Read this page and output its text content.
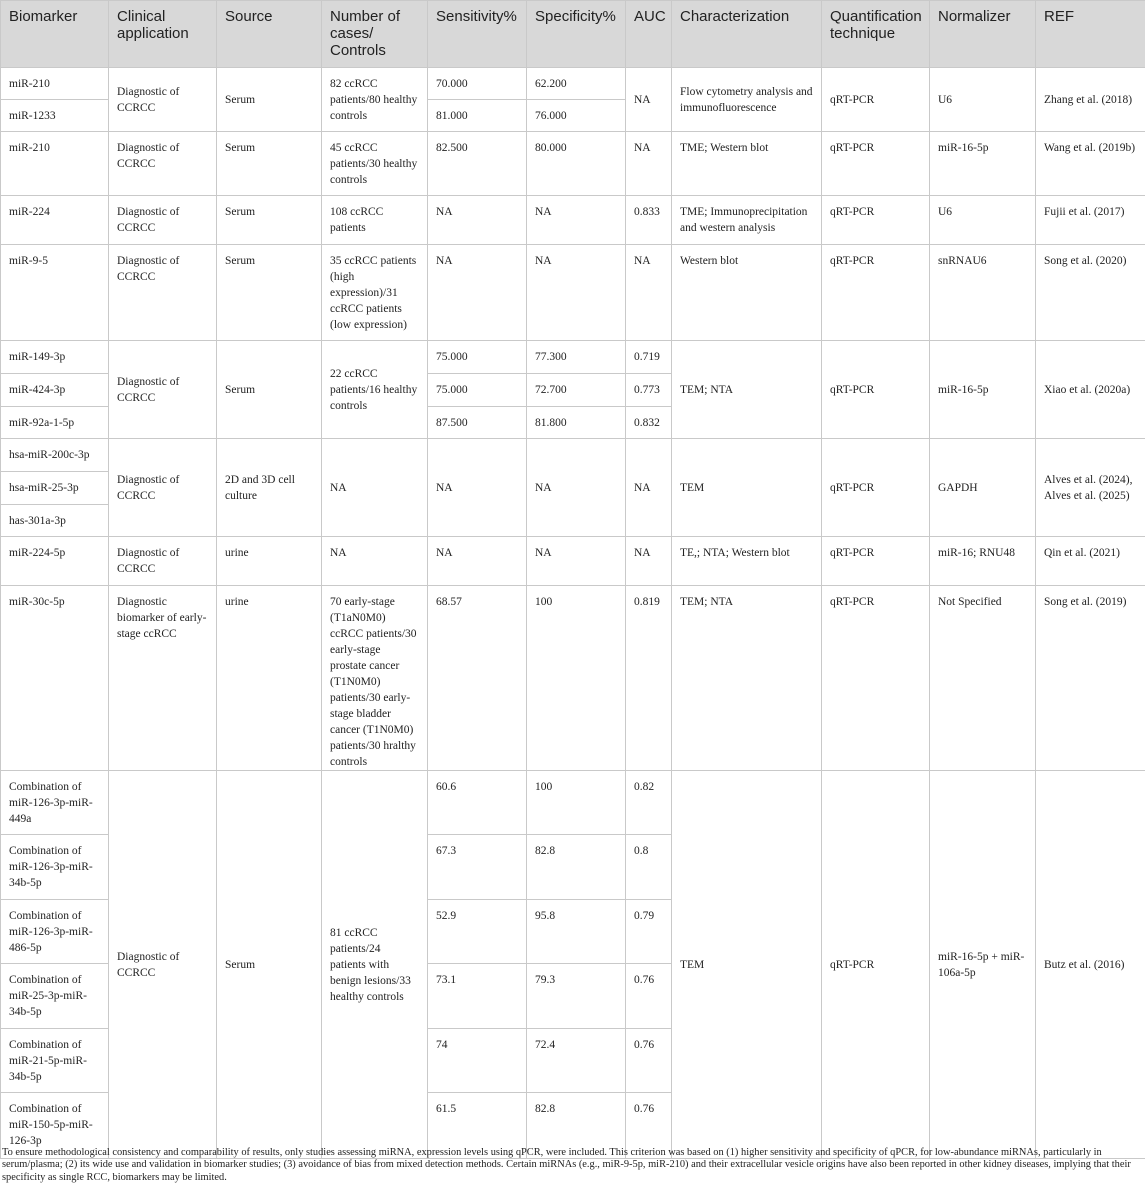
Biomarker	Clinical application	Source	Number of cases/ Controls	Sensitivity%	Specificity%	AUC	Characterization	Quantification technique	Normalizer	REF
miR-210	Diagnostic of CCRCC	Serum	82 ccRCC patients/80 healthy controls	70.000	62.200	NA	Flow cytometry analysis and immunofluorescence	qRT-PCR	U6	Zhang et al. (2018)
miR-1233				81.000	76.000					
miR-210	Diagnostic of CCRCC	Serum	45 ccRCC patients/30 healthy controls	82.500	80.000	NA	TME; Western blot	qRT-PCR	miR-16-5p	Wang et al. (2019b)
miR-224	Diagnostic of CCRCC	Serum	108 ccRCC patients	NA	NA	0.833	TME; Immunoprecipitation and western analysis	qRT-PCR	U6	Fujii et al. (2017)
miR-9-5	Diagnostic of CCRCC	Serum	35 ccRCC patients (high expression)/31 ccRCC patients (low expression)	NA	NA	NA	Western blot	qRT-PCR	snRNAU6	Song et al. (2020)
miR-149-3p	Diagnostic of CCRCC	Serum	22 ccRCC patients/16 healthy controls	75.000	77.300	0.719	TEM; NTA	qRT-PCR	miR-16-5p	Xiao et al. (2020a)
miR-424-3p				75.000	72.700	0.773				
miR-92a-1-5p				87.500	81.800	0.832				
hsa-miR-200c-3p	Diagnostic of CCRCC	2D and 3D cell culture	NA	NA	NA	NA	TEM	qRT-PCR	GAPDH	Alves et al. (2024), Alves et al. (2025)
hsa-miR-25-3p										
has-301a-3p										
miR-224-5p	Diagnostic of CCRCC	urine	NA	NA	NA	NA	TE,; NTA; Western blot	qRT-PCR	miR-16; RNU48	Qin et al. (2021)
miR-30c-5p	Diagnostic biomarker of early-stage ccRCC	urine	70 early-stage (T1aN0M0) ccRCC patients/30 early-stage prostate cancer (T1N0M0) patients/30 early-stage bladder cancer (T1N0M0) patients/30 hralthy controls	68.57	100	0.819	TEM; NTA	qRT-PCR	Not Specified	Song et al. (2019)
Combination of miR-126-3p-miR-449a	Diagnostic of CCRCC	Serum	81 ccRCC patients/24 patients with benign lesions/33 healthy controls	60.6	100	0.82	TEM	qRT-PCR	miR-16-5p + miR-106a-5p	Butz et al. (2016)
Combination of miR-126-3p-miR-34b-5p				67.3	82.8	0.8				
Combination of miR-126-3p-miR-486-5p				52.9	95.8	0.79				
Combination of miR-25-3p-miR-34b-5p				73.1	79.3	0.76				
Combination of miR-21-5p-miR-34b-5p				74	72.4	0.76				
Combination of miR-150-5p-miR-126-3p				61.5	82.8	0.76				
To ensure methodological consistency and comparability of results, only studies assessing miRNA, expression levels using qPCR, were included. This criterion was based on (1) higher sensitivity and specificity of qPCR, for low-abundance miRNAs, particularly in serum/plasma; (2) its wide use and validation in biomarker studies; (3) avoidance of bias from mixed detection methods. Certain miRNAs (e.g., miR-9-5p, miR-210) and their extracellular vesicle origins have also been reported in other kidney diseases, implying that their specificity as single RCC, biomarkers may be limited.
